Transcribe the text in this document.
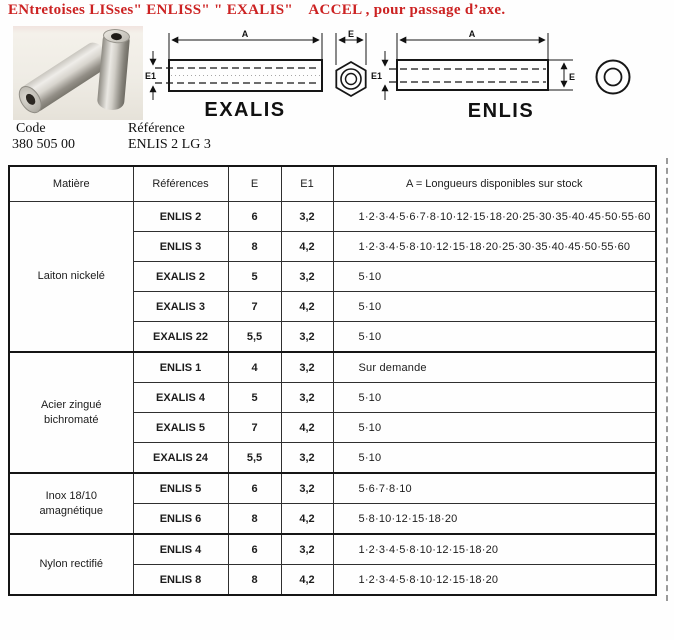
ENtretoises LISses" ENLISS" " EXALIS"    ACCEL , pour passage d’axe.
A
E1
EXALIS
E	A
E1	E
ENLIS
Code
380 505 00
Référence
ENLIS 2 LG 3
Matière	Références	E	E1	A = Longueurs disponibles sur stock

Laiton nickelé	ENLIS 2	6	3,2	1·2·3·4·5·6·7·8·10·12·15·18·20·25·30·35·40·45·50·55·60
	ENLIS 3	8	4,2	1·2·3·4·5·8·10·12·15·18·20·25·30·35·40·45·50·55·60
	EXALIS 2	5	3,2	5·10
	EXALIS 3	7	4,2	5·10
	EXALIS 22	5,5	3,2	5·10

Acier zingué
bichromaté	ENLIS 1	4	3,2	Sur demande
	EXALIS 4	5	3,2	5·10
	EXALIS 5	7	4,2	5·10
	EXALIS 24	5,5	3,2	5·10

Inox 18/10
amagnétique	ENLIS 5	6	3,2	5·6·7·8·10
	ENLIS 6	8	4,2	5·8·10·12·15·18·20

Nylon rectifié	ENLIS 4	6	3,2	1·2·3·4·5·8·10·12·15·18·20
	ENLIS 8	8	4,2	1·2·3·4·5·8·10·12·15·18·20
